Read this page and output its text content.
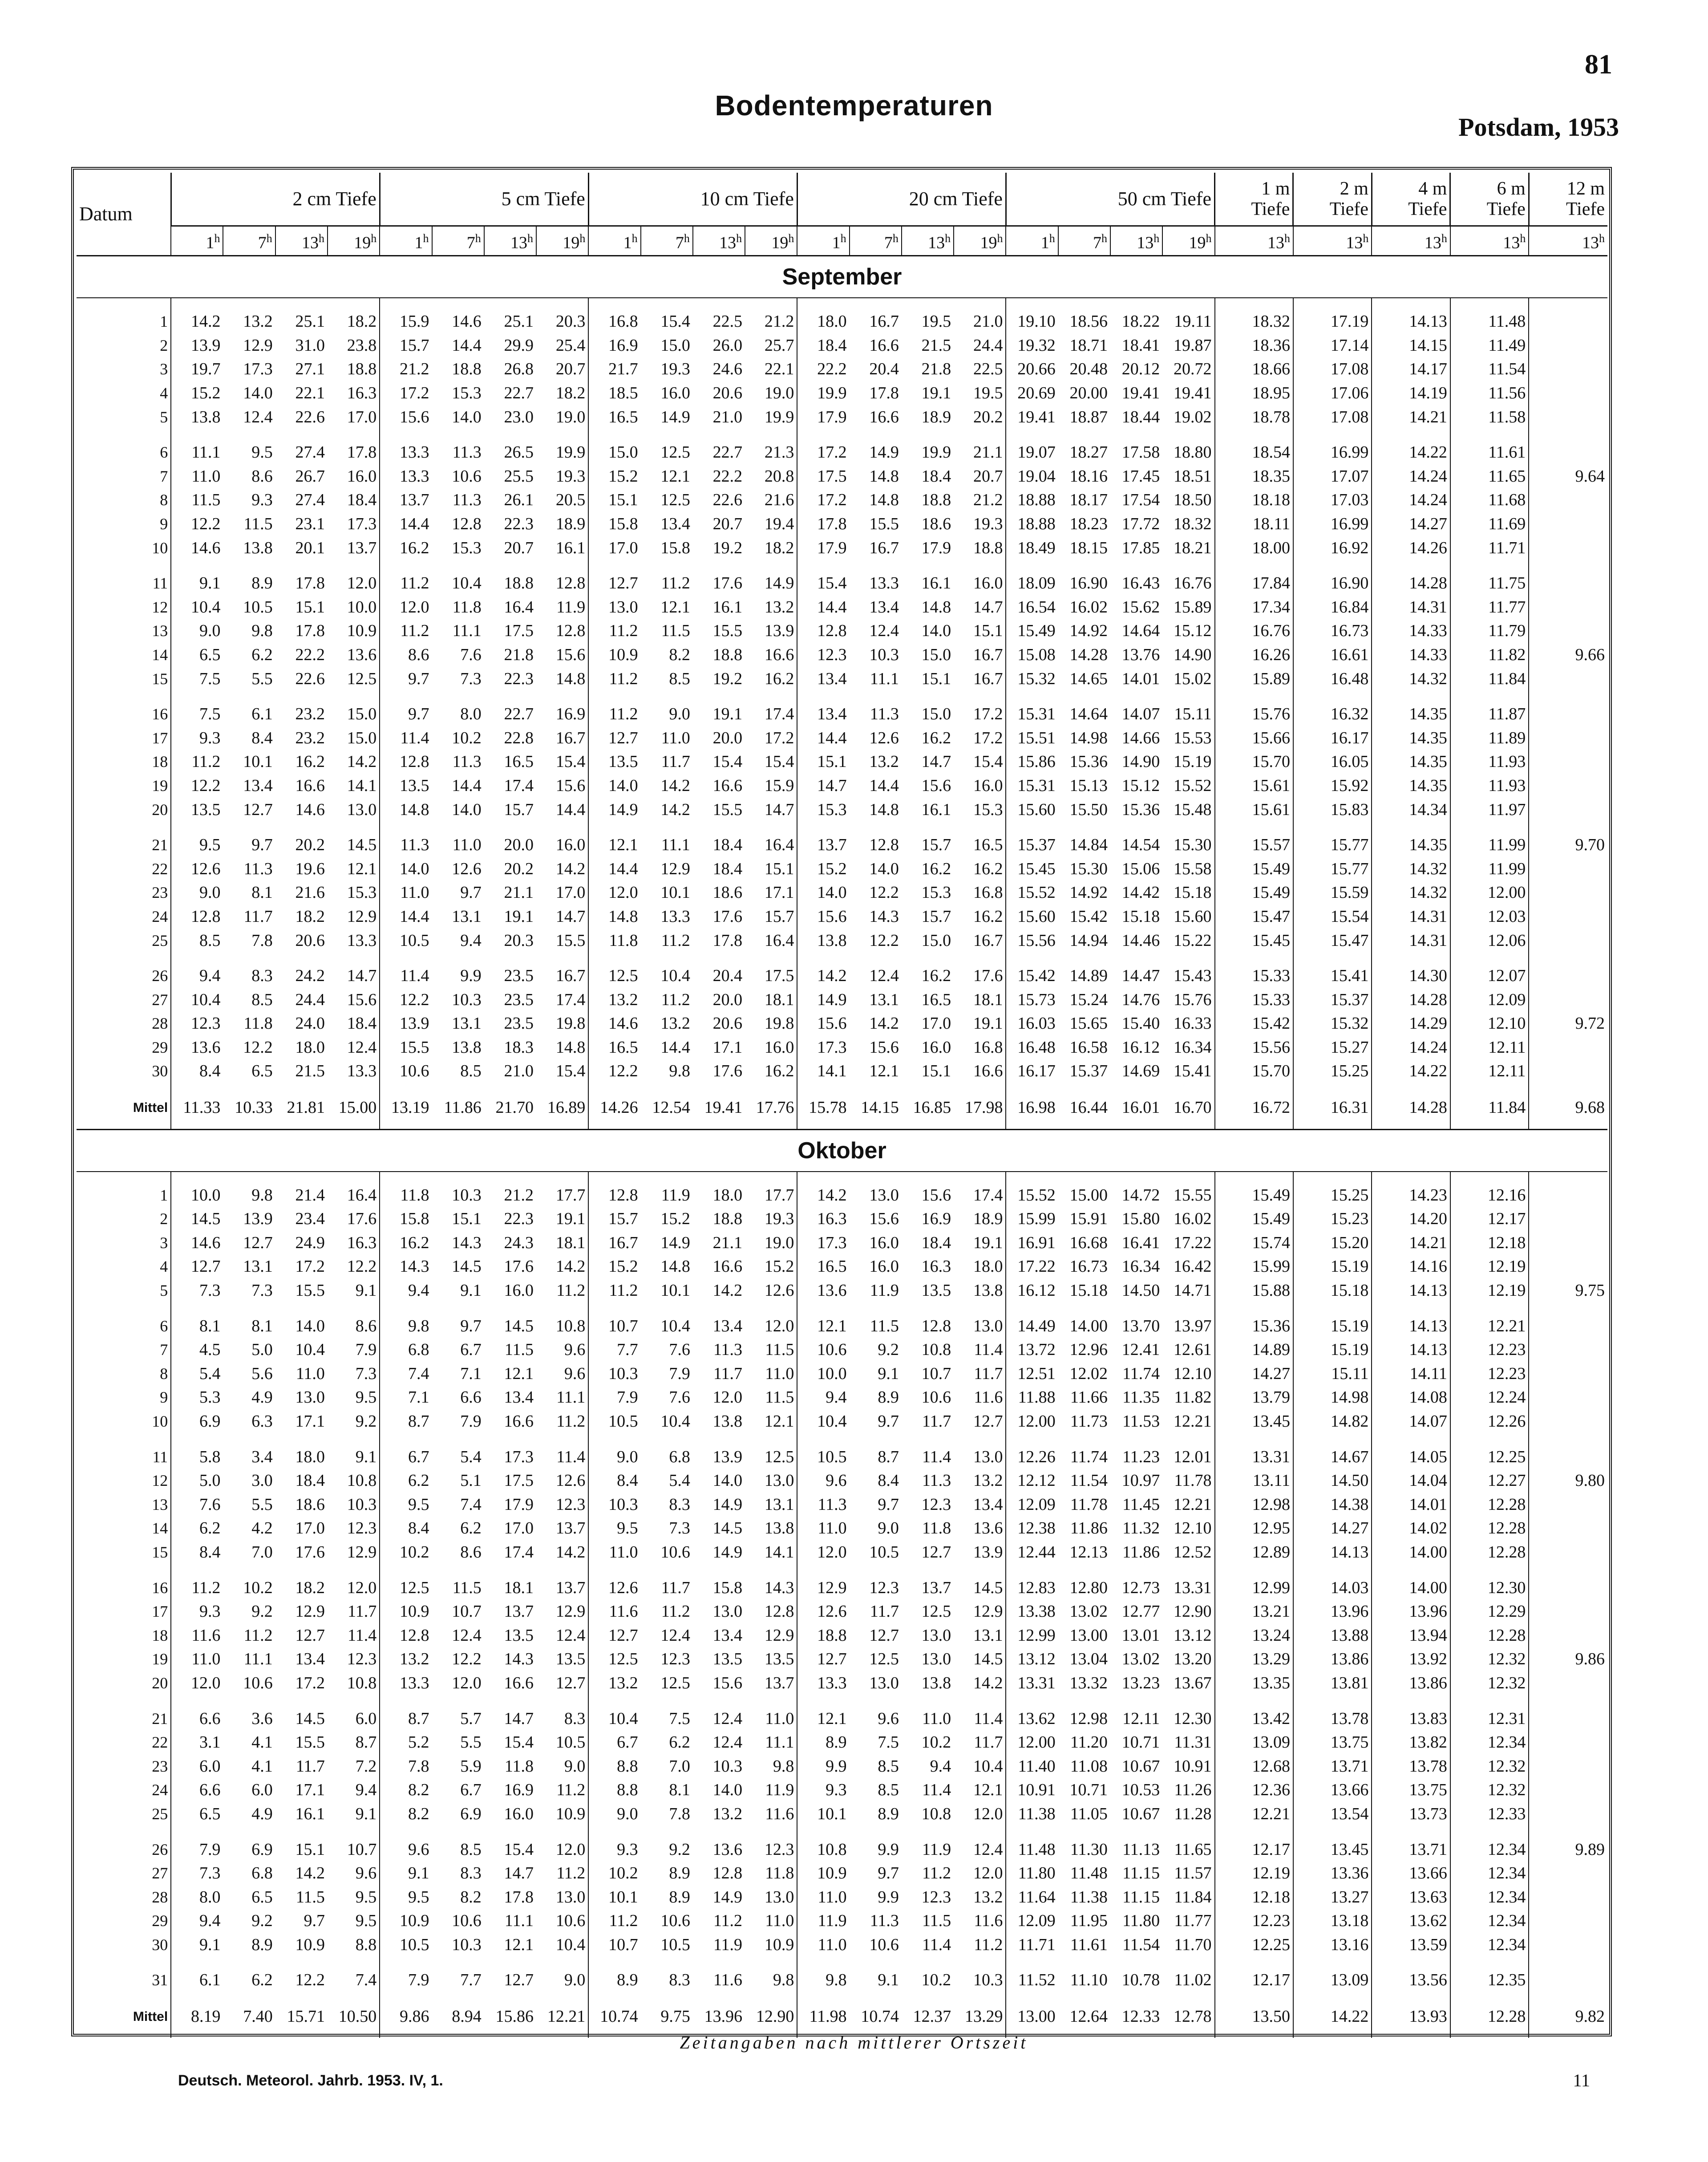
81
Bodentemperaturen
Potsdam, 1953
Datum	2 cm Tiefe				5 cm Tiefe				10 cm Tiefe				20 cm Tiefe				50 cm Tiefe				1 m
Tiefe	2 m
Tiefe	4 m
Tiefe	6 m
Tiefe	12 m
Tiefe
	1$^h$	7$^h$	13$^h$	19$^h$	1$^h$	7$^h$	13$^h$	19$^h$	1$^h$	7$^h$	13$^h$	19$^h$	1$^h$	7$^h$	13$^h$	19$^h$	1$^h$	7$^h$	13$^h$	19$^h$	13$^h$	13$^h$	13$^h$	13$^h$	13$^h$
September																									
1	14.2	13.2	25.1	18.2	15.9	14.6	25.1	20.3	16.8	15.4	22.5	21.2	18.0	16.7	19.5	21.0	19.10	18.56	18.22	19.11	18.32	17.19	14.13	11.48	
2	13.9	12.9	31.0	23.8	15.7	14.4	29.9	25.4	16.9	15.0	26.0	25.7	18.4	16.6	21.5	24.4	19.32	18.71	18.41	19.87	18.36	17.14	14.15	11.49	
3	19.7	17.3	27.1	18.8	21.2	18.8	26.8	20.7	21.7	19.3	24.6	22.1	22.2	20.4	21.8	22.5	20.66	20.48	20.12	20.72	18.66	17.08	14.17	11.54	
4	15.2	14.0	22.1	16.3	17.2	15.3	22.7	18.2	18.5	16.0	20.6	19.0	19.9	17.8	19.1	19.5	20.69	20.00	19.41	19.41	18.95	17.06	14.19	11.56	
5	13.8	12.4	22.6	17.0	15.6	14.0	23.0	19.0	16.5	14.9	21.0	19.9	17.9	16.6	18.9	20.2	19.41	18.87	18.44	19.02	18.78	17.08	14.21	11.58	
6	11.1	9.5	27.4	17.8	13.3	11.3	26.5	19.9	15.0	12.5	22.7	21.3	17.2	14.9	19.9	21.1	19.07	18.27	17.58	18.80	18.54	16.99	14.22	11.61	
7	11.0	8.6	26.7	16.0	13.3	10.6	25.5	19.3	15.2	12.1	22.2	20.8	17.5	14.8	18.4	20.7	19.04	18.16	17.45	18.51	18.35	17.07	14.24	11.65	9.64
8	11.5	9.3	27.4	18.4	13.7	11.3	26.1	20.5	15.1	12.5	22.6	21.6	17.2	14.8	18.8	21.2	18.88	18.17	17.54	18.50	18.18	17.03	14.24	11.68	
9	12.2	11.5	23.1	17.3	14.4	12.8	22.3	18.9	15.8	13.4	20.7	19.4	17.8	15.5	18.6	19.3	18.88	18.23	17.72	18.32	18.11	16.99	14.27	11.69	
10	14.6	13.8	20.1	13.7	16.2	15.3	20.7	16.1	17.0	15.8	19.2	18.2	17.9	16.7	17.9	18.8	18.49	18.15	17.85	18.21	18.00	16.92	14.26	11.71	
11	9.1	8.9	17.8	12.0	11.2	10.4	18.8	12.8	12.7	11.2	17.6	14.9	15.4	13.3	16.1	16.0	18.09	16.90	16.43	16.76	17.84	16.90	14.28	11.75	
12	10.4	10.5	15.1	10.0	12.0	11.8	16.4	11.9	13.0	12.1	16.1	13.2	14.4	13.4	14.8	14.7	16.54	16.02	15.62	15.89	17.34	16.84	14.31	11.77	
13	9.0	9.8	17.8	10.9	11.2	11.1	17.5	12.8	11.2	11.5	15.5	13.9	12.8	12.4	14.0	15.1	15.49	14.92	14.64	15.12	16.76	16.73	14.33	11.79	
14	6.5	6.2	22.2	13.6	8.6	7.6	21.8	15.6	10.9	8.2	18.8	16.6	12.3	10.3	15.0	16.7	15.08	14.28	13.76	14.90	16.26	16.61	14.33	11.82	9.66
15	7.5	5.5	22.6	12.5	9.7	7.3	22.3	14.8	11.2	8.5	19.2	16.2	13.4	11.1	15.1	16.7	15.32	14.65	14.01	15.02	15.89	16.48	14.32	11.84	
16	7.5	6.1	23.2	15.0	9.7	8.0	22.7	16.9	11.2	9.0	19.1	17.4	13.4	11.3	15.0	17.2	15.31	14.64	14.07	15.11	15.76	16.32	14.35	11.87	
17	9.3	8.4	23.2	15.0	11.4	10.2	22.8	16.7	12.7	11.0	20.0	17.2	14.4	12.6	16.2	17.2	15.51	14.98	14.66	15.53	15.66	16.17	14.35	11.89	
18	11.2	10.1	16.2	14.2	12.8	11.3	16.5	15.4	13.5	11.7	15.4	15.4	15.1	13.2	14.7	15.4	15.86	15.36	14.90	15.19	15.70	16.05	14.35	11.93	
19	12.2	13.4	16.6	14.1	13.5	14.4	17.4	15.6	14.0	14.2	16.6	15.9	14.7	14.4	15.6	16.0	15.31	15.13	15.12	15.52	15.61	15.92	14.35	11.93	
20	13.5	12.7	14.6	13.0	14.8	14.0	15.7	14.4	14.9	14.2	15.5	14.7	15.3	14.8	16.1	15.3	15.60	15.50	15.36	15.48	15.61	15.83	14.34	11.97	
21	9.5	9.7	20.2	14.5	11.3	11.0	20.0	16.0	12.1	11.1	18.4	16.4	13.7	12.8	15.7	16.5	15.37	14.84	14.54	15.30	15.57	15.77	14.35	11.99	9.70
22	12.6	11.3	19.6	12.1	14.0	12.6	20.2	14.2	14.4	12.9	18.4	15.1	15.2	14.0	16.2	16.2	15.45	15.30	15.06	15.58	15.49	15.77	14.32	11.99	
23	9.0	8.1	21.6	15.3	11.0	9.7	21.1	17.0	12.0	10.1	18.6	17.1	14.0	12.2	15.3	16.8	15.52	14.92	14.42	15.18	15.49	15.59	14.32	12.00	
24	12.8	11.7	18.2	12.9	14.4	13.1	19.1	14.7	14.8	13.3	17.6	15.7	15.6	14.3	15.7	16.2	15.60	15.42	15.18	15.60	15.47	15.54	14.31	12.03	
25	8.5	7.8	20.6	13.3	10.5	9.4	20.3	15.5	11.8	11.2	17.8	16.4	13.8	12.2	15.0	16.7	15.56	14.94	14.46	15.22	15.45	15.47	14.31	12.06	
26	9.4	8.3	24.2	14.7	11.4	9.9	23.5	16.7	12.5	10.4	20.4	17.5	14.2	12.4	16.2	17.6	15.42	14.89	14.47	15.43	15.33	15.41	14.30	12.07	
27	10.4	8.5	24.4	15.6	12.2	10.3	23.5	17.4	13.2	11.2	20.0	18.1	14.9	13.1	16.5	18.1	15.73	15.24	14.76	15.76	15.33	15.37	14.28	12.09	
28	12.3	11.8	24.0	18.4	13.9	13.1	23.5	19.8	14.6	13.2	20.6	19.8	15.6	14.2	17.0	19.1	16.03	15.65	15.40	16.33	15.42	15.32	14.29	12.10	9.72
29	13.6	12.2	18.0	12.4	15.5	13.8	18.3	14.8	16.5	14.4	17.1	16.0	17.3	15.6	16.0	16.8	16.48	16.58	16.12	16.34	15.56	15.27	14.24	12.11	
30	8.4	6.5	21.5	13.3	10.6	8.5	21.0	15.4	12.2	9.8	17.6	16.2	14.1	12.1	15.1	16.6	16.17	15.37	14.69	15.41	15.70	15.25	14.22	12.11	
Mittel	11.33	10.33	21.81	15.00	13.19	11.86	21.70	16.89	14.26	12.54	19.41	17.76	15.78	14.15	16.85	17.98	16.98	16.44	16.01	16.70	16.72	16.31	14.28	11.84	9.68
Oktober																									
1	10.0	9.8	21.4	16.4	11.8	10.3	21.2	17.7	12.8	11.9	18.0	17.7	14.2	13.0	15.6	17.4	15.52	15.00	14.72	15.55	15.49	15.25	14.23	12.16	
2	14.5	13.9	23.4	17.6	15.8	15.1	22.3	19.1	15.7	15.2	18.8	19.3	16.3	15.6	16.9	18.9	15.99	15.91	15.80	16.02	15.49	15.23	14.20	12.17	
3	14.6	12.7	24.9	16.3	16.2	14.3	24.3	18.1	16.7	14.9	21.1	19.0	17.3	16.0	18.4	19.1	16.91	16.68	16.41	17.22	15.74	15.20	14.21	12.18	
4	12.7	13.1	17.2	12.2	14.3	14.5	17.6	14.2	15.2	14.8	16.6	15.2	16.5	16.0	16.3	18.0	17.22	16.73	16.34	16.42	15.99	15.19	14.16	12.19	
5	7.3	7.3	15.5	9.1	9.4	9.1	16.0	11.2	11.2	10.1	14.2	12.6	13.6	11.9	13.5	13.8	16.12	15.18	14.50	14.71	15.88	15.18	14.13	12.19	9.75
6	8.1	8.1	14.0	8.6	9.8	9.7	14.5	10.8	10.7	10.4	13.4	12.0	12.1	11.5	12.8	13.0	14.49	14.00	13.70	13.97	15.36	15.19	14.13	12.21	
7	4.5	5.0	10.4	7.9	6.8	6.7	11.5	9.6	7.7	7.6	11.3	11.5	10.6	9.2	10.8	11.4	13.72	12.96	12.41	12.61	14.89	15.19	14.13	12.23	
8	5.4	5.6	11.0	7.3	7.4	7.1	12.1	9.6	10.3	7.9	11.7	11.0	10.0	9.1	10.7	11.7	12.51	12.02	11.74	12.10	14.27	15.11	14.11	12.23	
9	5.3	4.9	13.0	9.5	7.1	6.6	13.4	11.1	7.9	7.6	12.0	11.5	9.4	8.9	10.6	11.6	11.88	11.66	11.35	11.82	13.79	14.98	14.08	12.24	
10	6.9	6.3	17.1	9.2	8.7	7.9	16.6	11.2	10.5	10.4	13.8	12.1	10.4	9.7	11.7	12.7	12.00	11.73	11.53	12.21	13.45	14.82	14.07	12.26	
11	5.8	3.4	18.0	9.1	6.7	5.4	17.3	11.4	9.0	6.8	13.9	12.5	10.5	8.7	11.4	13.0	12.26	11.74	11.23	12.01	13.31	14.67	14.05	12.25	
12	5.0	3.0	18.4	10.8	6.2	5.1	17.5	12.6	8.4	5.4	14.0	13.0	9.6	8.4	11.3	13.2	12.12	11.54	10.97	11.78	13.11	14.50	14.04	12.27	9.80
13	7.6	5.5	18.6	10.3	9.5	7.4	17.9	12.3	10.3	8.3	14.9	13.1	11.3	9.7	12.3	13.4	12.09	11.78	11.45	12.21	12.98	14.38	14.01	12.28	
14	6.2	4.2	17.0	12.3	8.4	6.2	17.0	13.7	9.5	7.3	14.5	13.8	11.0	9.0	11.8	13.6	12.38	11.86	11.32	12.10	12.95	14.27	14.02	12.28	
15	8.4	7.0	17.6	12.9	10.2	8.6	17.4	14.2	11.0	10.6	14.9	14.1	12.0	10.5	12.7	13.9	12.44	12.13	11.86	12.52	12.89	14.13	14.00	12.28	
16	11.2	10.2	18.2	12.0	12.5	11.5	18.1	13.7	12.6	11.7	15.8	14.3	12.9	12.3	13.7	14.5	12.83	12.80	12.73	13.31	12.99	14.03	14.00	12.30	
17	9.3	9.2	12.9	11.7	10.9	10.7	13.7	12.9	11.6	11.2	13.0	12.8	12.6	11.7	12.5	12.9	13.38	13.02	12.77	12.90	13.21	13.96	13.96	12.29	
18	11.6	11.2	12.7	11.4	12.8	12.4	13.5	12.4	12.7	12.4	13.4	12.9	18.8	12.7	13.0	13.1	12.99	13.00	13.01	13.12	13.24	13.88	13.94	12.28	
19	11.0	11.1	13.4	12.3	13.2	12.2	14.3	13.5	12.5	12.3	13.5	13.5	12.7	12.5	13.0	14.5	13.12	13.04	13.02	13.20	13.29	13.86	13.92	12.32	9.86
20	12.0	10.6	17.2	10.8	13.3	12.0	16.6	12.7	13.2	12.5	15.6	13.7	13.3	13.0	13.8	14.2	13.31	13.32	13.23	13.67	13.35	13.81	13.86	12.32	
21	6.6	3.6	14.5	6.0	8.7	5.7	14.7	8.3	10.4	7.5	12.4	11.0	12.1	9.6	11.0	11.4	13.62	12.98	12.11	12.30	13.42	13.78	13.83	12.31	
22	3.1	4.1	15.5	8.7	5.2	5.5	15.4	10.5	6.7	6.2	12.4	11.1	8.9	7.5	10.2	11.7	12.00	11.20	10.71	11.31	13.09	13.75	13.82	12.34	
23	6.0	4.1	11.7	7.2	7.8	5.9	11.8	9.0	8.8	7.0	10.3	9.8	9.9	8.5	9.4	10.4	11.40	11.08	10.67	10.91	12.68	13.71	13.78	12.32	
24	6.6	6.0	17.1	9.4	8.2	6.7	16.9	11.2	8.8	8.1	14.0	11.9	9.3	8.5	11.4	12.1	10.91	10.71	10.53	11.26	12.36	13.66	13.75	12.32	
25	6.5	4.9	16.1	9.1	8.2	6.9	16.0	10.9	9.0	7.8	13.2	11.6	10.1	8.9	10.8	12.0	11.38	11.05	10.67	11.28	12.21	13.54	13.73	12.33	
26	7.9	6.9	15.1	10.7	9.6	8.5	15.4	12.0	9.3	9.2	13.6	12.3	10.8	9.9	11.9	12.4	11.48	11.30	11.13	11.65	12.17	13.45	13.71	12.34	9.89
27	7.3	6.8	14.2	9.6	9.1	8.3	14.7	11.2	10.2	8.9	12.8	11.8	10.9	9.7	11.2	12.0	11.80	11.48	11.15	11.57	12.19	13.36	13.66	12.34	
28	8.0	6.5	11.5	9.5	9.5	8.2	17.8	13.0	10.1	8.9	14.9	13.0	11.0	9.9	12.3	13.2	11.64	11.38	11.15	11.84	12.18	13.27	13.63	12.34	
29	9.4	9.2	9.7	9.5	10.9	10.6	11.1	10.6	11.2	10.6	11.2	11.0	11.9	11.3	11.5	11.6	12.09	11.95	11.80	11.77	12.23	13.18	13.62	12.34	
30	9.1	8.9	10.9	8.8	10.5	10.3	12.1	10.4	10.7	10.5	11.9	10.9	11.0	10.6	11.4	11.2	11.71	11.61	11.54	11.70	12.25	13.16	13.59	12.34	
31	6.1	6.2	12.2	7.4	7.9	7.7	12.7	9.0	8.9	8.3	11.6	9.8	9.8	9.1	10.2	10.3	11.52	11.10	10.78	11.02	12.17	13.09	13.56	12.35	
Mittel	8.19	7.40	15.71	10.50	9.86	8.94	15.86	12.21	10.74	9.75	13.96	12.90	11.98	10.74	12.37	13.29	13.00	12.64	12.33	12.78	13.50	14.22	13.93	12.28	9.82
Zeitangaben nach mittlerer Ortszeit
Deutsch. Meteorol. Jahrb. 1953. IV, 1.	11
